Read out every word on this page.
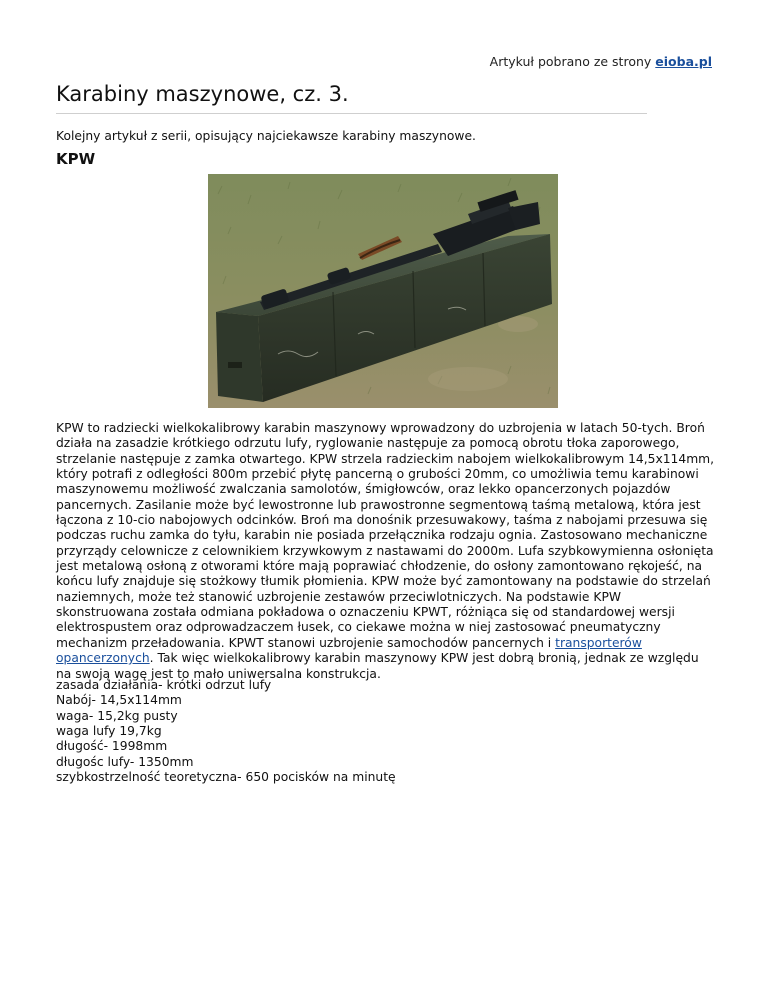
Artykuł pobrano ze strony eioba.pl
Karabiny maszynowe, cz. 3.

Kolejny artykuł z serii, opisujący najciekawsze karabiny maszynowe.

KPW

KPW to radziecki wielkokalibrowy karabin maszynowy wprowadzony do uzbrojenia w latach 50-tych. Broń działa na zasadzie krótkiego odrzutu lufy, ryglowanie następuje za pomocą obrotu tłoka zaporowego, strzelanie następuje z zamka otwartego. KPW strzela radzieckim nabojem wielkokalibrowym 14,5x114mm, który potrafi z odległości 800m przebić płytę pancerną o grubości 20mm, co umożliwia temu karabinowi maszynowemu możliwość zwalczania samolotów, śmigłowców, oraz lekko opancerzonych pojazdów pancernych. Zasilanie może być lewostronne lub prawostronne segmentową taśmą metalową, która jest łączona z 10-cio nabojowych odcinków. Broń ma donośnik przesuwakowy, taśma z nabojami przesuwa się podczas ruchu zamka do tyłu, karabin nie posiada przełącznika rodzaju ognia. Zastosowano mechaniczne przyrządy celownicze z celownikiem krzywkowym z nastawami do 2000m. Lufa szybkowymienna osłonięta jest metalową osłoną z otworami które mają poprawiać chłodzenie, do osłony zamontowano rękojeść, na końcu lufy znajduje się stożkowy tłumik płomienia. KPW może być zamontowany na podstawie do strzelań naziemnych, może też stanowić uzbrojenie zestawów przeciwlotniczych. Na podstawie KPW skonstruowana została odmiana pokładowa o oznaczeniu KPWT, różniąca się od standardowej wersji elektrospustem oraz odprowadzaczem łusek, co ciekawe można w niej zastosować pneumatyczny mechanizm przeładowania. KPWT stanowi uzbrojenie samochodów pancernych i transporterów opancerzonych. Tak więc wielkokalibrowy karabin maszynowy KPW jest dobrą bronią, jednak ze względu na swoją wagę jest to mało uniwersalna konstrukcja.

zasada działania- krótki odrzut lufy
Nabój- 14,5x114mm
waga- 15,2kg pusty
waga lufy 19,7kg
długość- 1998mm
długośc lufy- 1350mm
szybkostrzelność teoretyczna- 650 pocisków na minutę
